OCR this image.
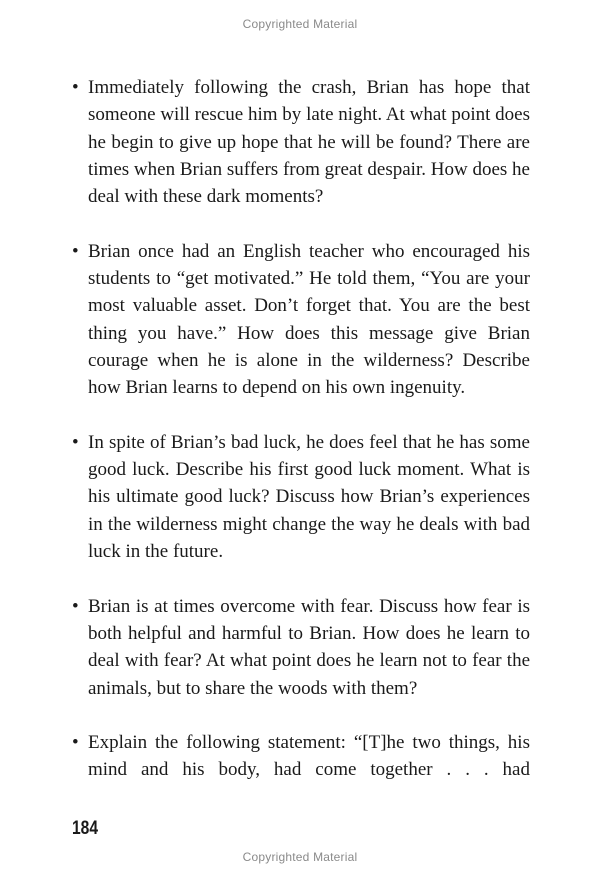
Copyrighted Material
• Immediately following the crash, Brian has hope that someone will rescue him by late night. At what point does he begin to give up hope that he will be found? There are times when Brian suffers from great despair. How does he deal with these dark moments?
• Brian once had an English teacher who encouraged his students to “get motivated.” He told them, “You are your most valuable asset. Don’t forget that. You are the best thing you have.” How does this message give Brian courage when he is alone in the wilderness? Describe how Brian learns to depend on his own ingenuity.
• In spite of Brian’s bad luck, he does feel that he has some good luck. Describe his first good luck moment. What is his ultimate good luck? Discuss how Brian’s experiences in the wilderness might change the way he deals with bad luck in the future.
• Brian is at times overcome with fear. Discuss how fear is both helpful and harmful to Brian. How does he learn to deal with fear? At what point does he learn not to fear the animals, but to share the woods with them?
• Explain the following statement: “[T]he two things, his mind and his body, had come together . . . had
184
Copyrighted Material
